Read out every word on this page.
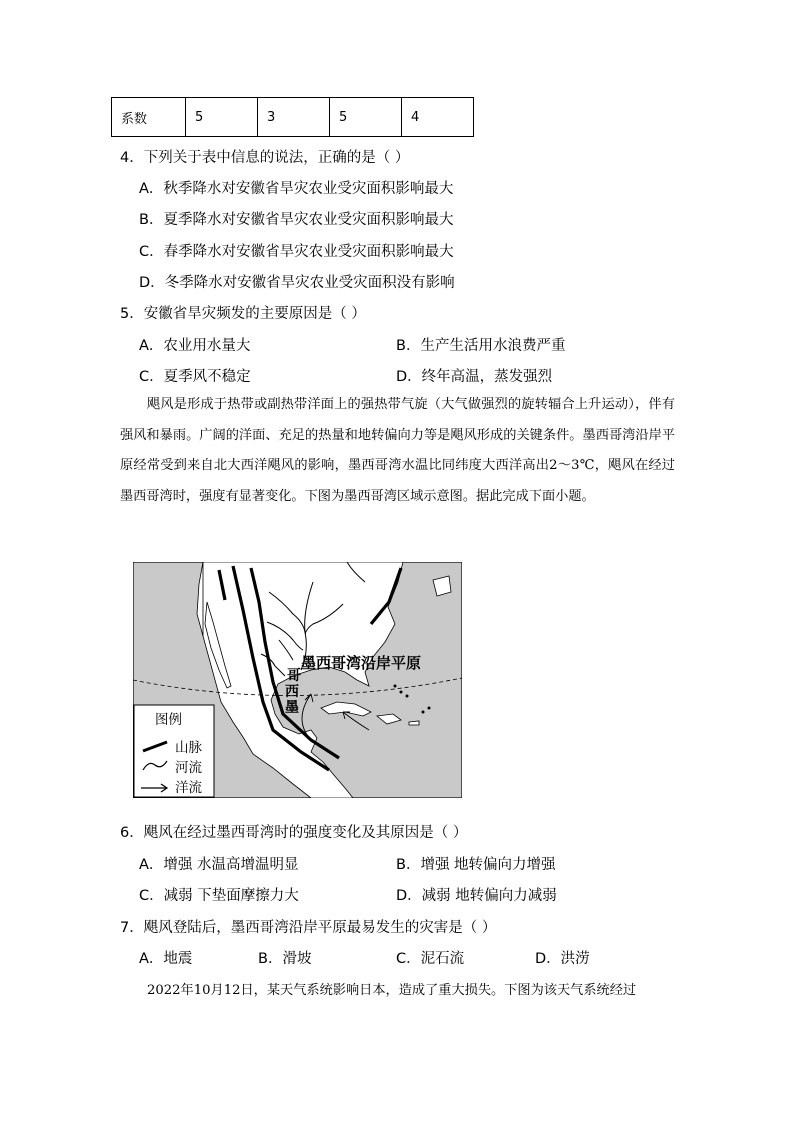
系数	5	3	5	4
4．下列关于表中信息的说法，正确的是（ ）
A．秋季降水对安徽省旱灾农业受灾面积影响最大
B．夏季降水对安徽省旱灾农业受灾面积影响最大
C．春季降水对安徽省旱灾农业受灾面积影响最大
D．冬季降水对安徽省旱灾农业受灾面积没有影响
5．安徽省旱灾频发的主要原因是（ ）
A．农业用水量大	B．生产生活用水浪费严重
C．夏季风不稳定	D．终年高温，蒸发强烈
飓风是形成于热带或副热带洋面上的强热带气旋（大气做强烈的旋转辐合上升运动），伴有强风和暴雨。广阔的洋面、充足的热量和地转偏向力等是飓风形成的关键条件。墨西哥湾沿岸平原经常受到来自北大西洋飓风的影响，墨西哥湾水温比同纬度大西洋高出2～3℃，飓风在经过墨西哥湾时，强度有显著变化。下图为墨西哥湾区域示意图。据此完成下面小题。
墨西哥湾沿岸平原
哥
西
墨
图例
山脉
河流
洋流
6．飓风在经过墨西哥湾时的强度变化及其原因是（ ）
A．增强 水温高增温明显	B．增强 地转偏向力增强
C．减弱 下垫面摩擦力大	D．减弱 地转偏向力减弱
7．飓风登陆后，墨西哥湾沿岸平原最易发生的灾害是（ ）
A．地震	B．滑坡	C．泥石流	D．洪涝
2022年10月12日，某天气系统影响日本，造成了重大损失。下图为该天气系统经过
